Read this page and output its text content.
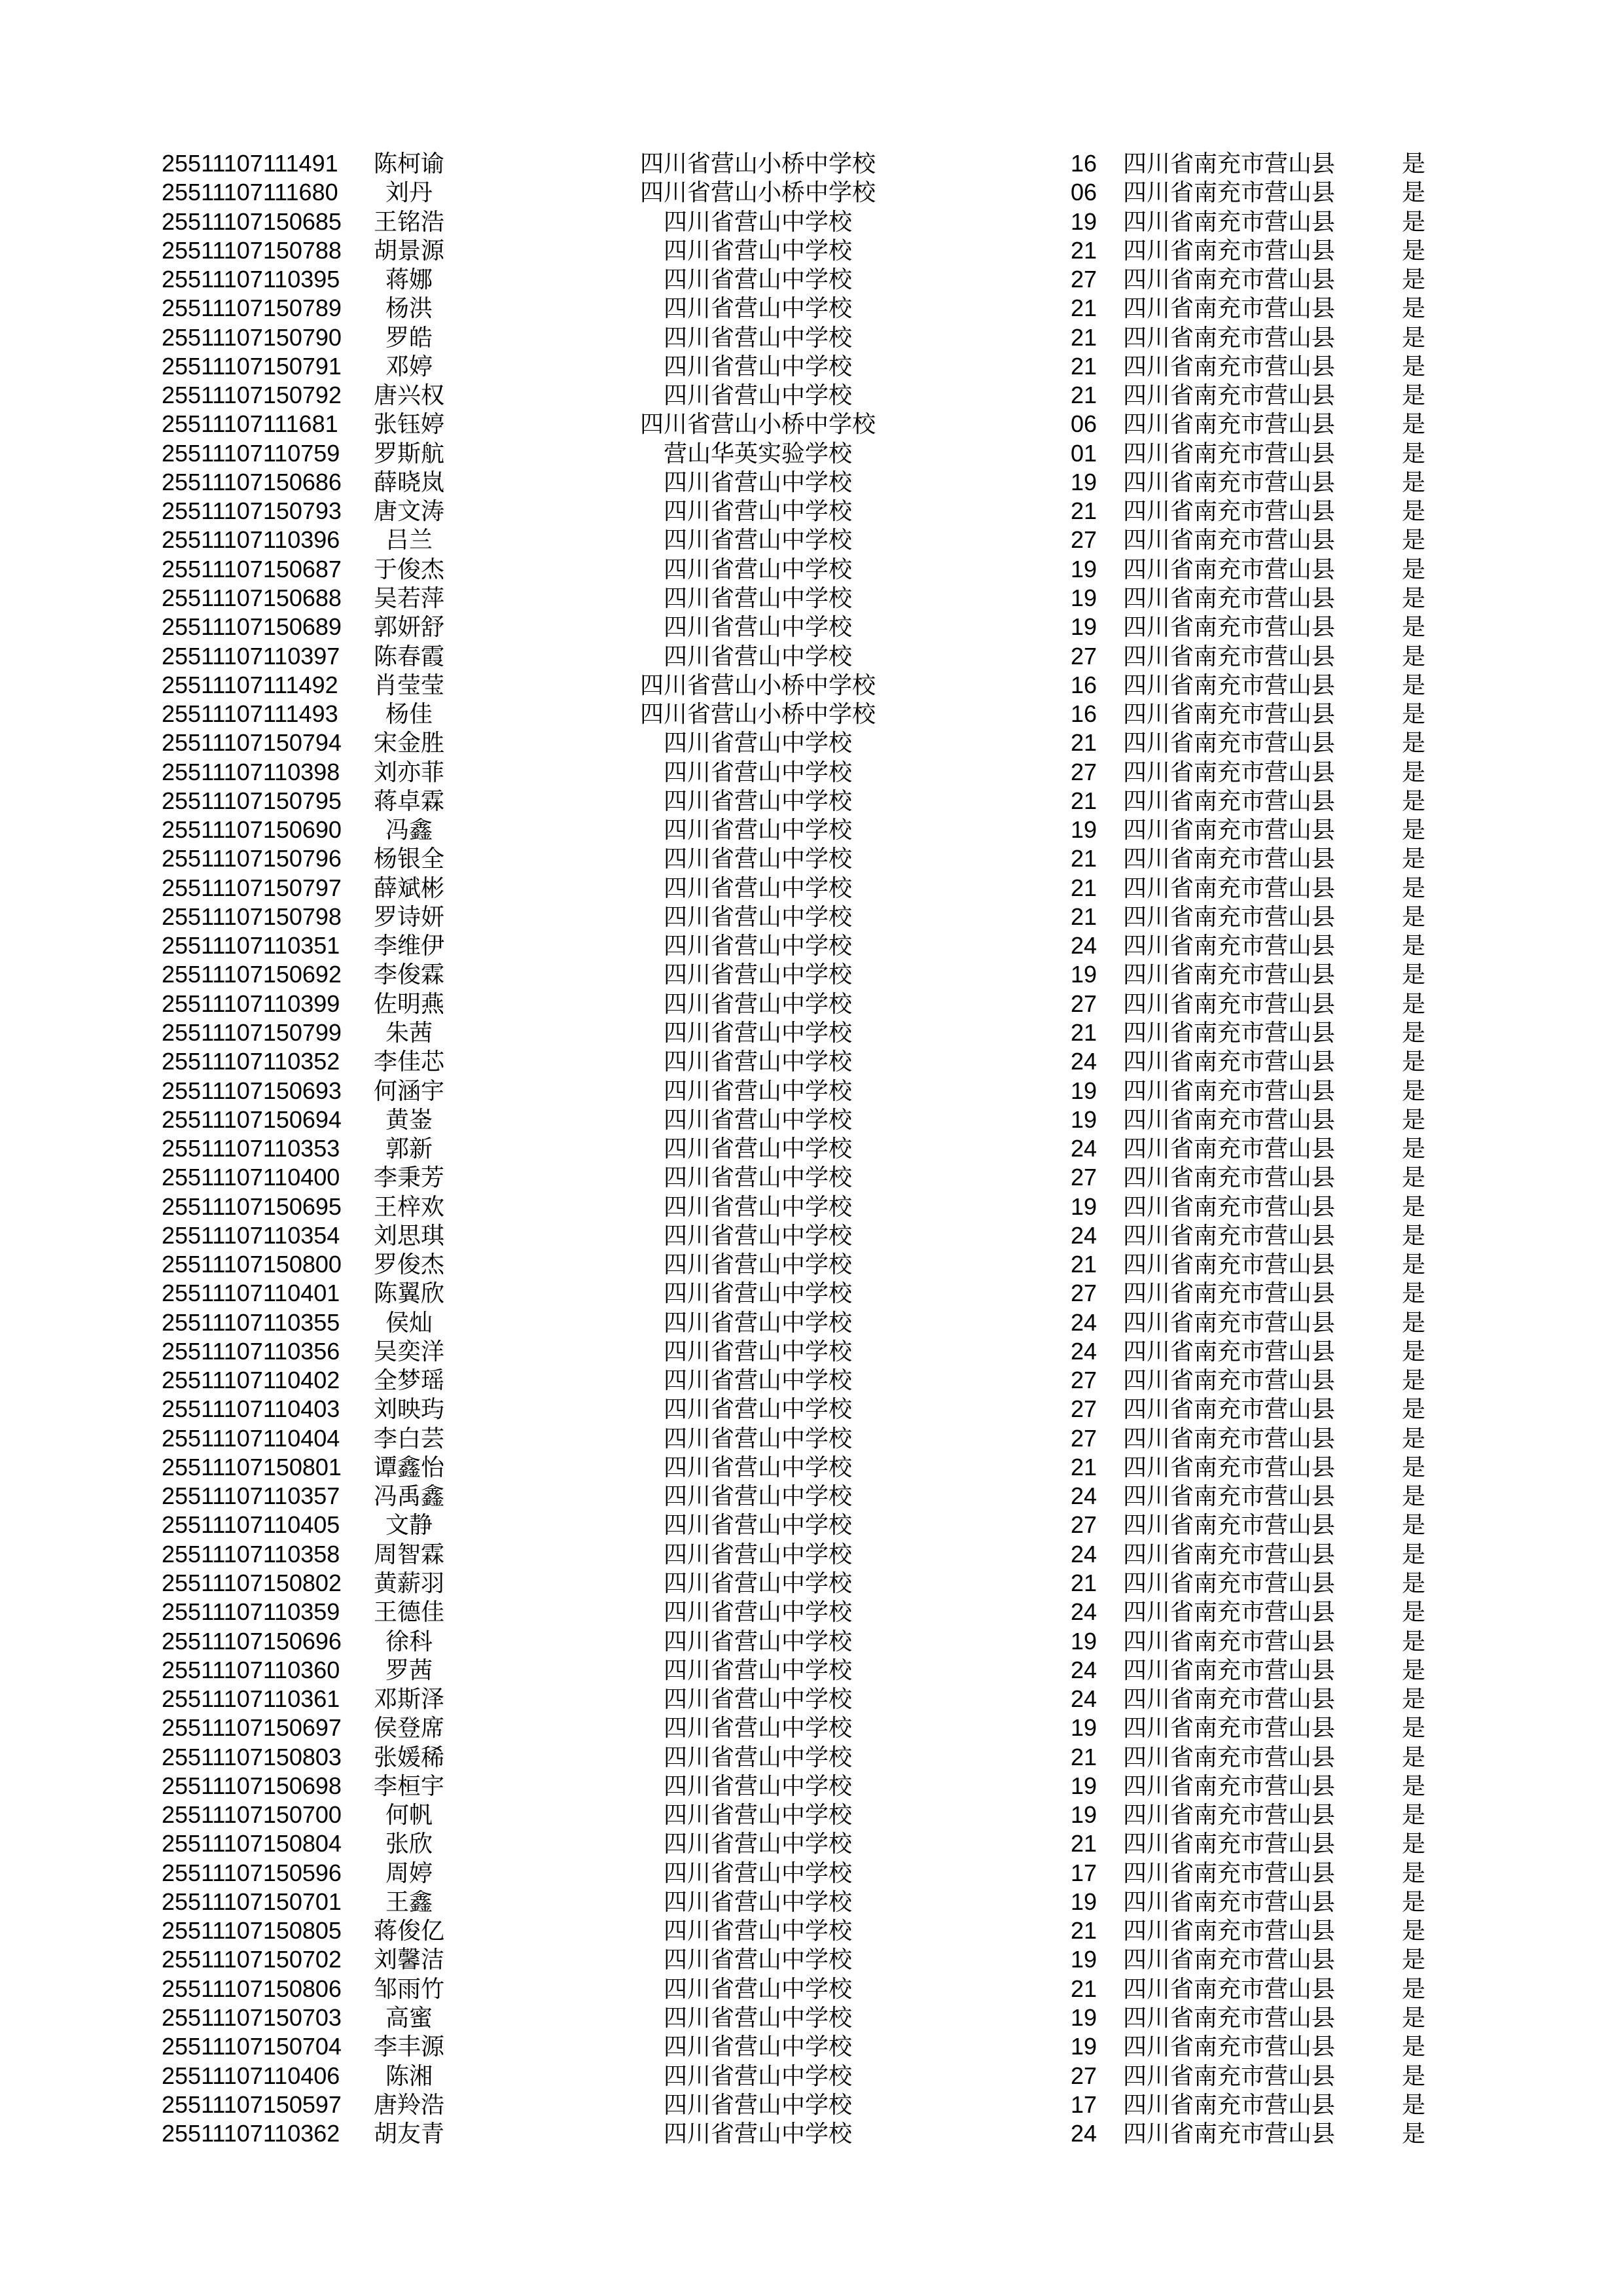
25511107111491	陈柯谕	四川省营山小桥中学校	16	四川省南充市营山县	是
25511107111680	刘丹	四川省营山小桥中学校	06	四川省南充市营山县	是
25511107150685	王铭浩	四川省营山中学校	19	四川省南充市营山县	是
25511107150788	胡景源	四川省营山中学校	21	四川省南充市营山县	是
25511107110395	蒋娜	四川省营山中学校	27	四川省南充市营山县	是
25511107150789	杨洪	四川省营山中学校	21	四川省南充市营山县	是
25511107150790	罗皓	四川省营山中学校	21	四川省南充市营山县	是
25511107150791	邓婷	四川省营山中学校	21	四川省南充市营山县	是
25511107150792	唐兴权	四川省营山中学校	21	四川省南充市营山县	是
25511107111681	张钰婷	四川省营山小桥中学校	06	四川省南充市营山县	是
25511107110759	罗斯航	营山华英实验学校	01	四川省南充市营山县	是
25511107150686	薛晓岚	四川省营山中学校	19	四川省南充市营山县	是
25511107150793	唐文涛	四川省营山中学校	21	四川省南充市营山县	是
25511107110396	吕兰	四川省营山中学校	27	四川省南充市营山县	是
25511107150687	于俊杰	四川省营山中学校	19	四川省南充市营山县	是
25511107150688	吴若萍	四川省营山中学校	19	四川省南充市营山县	是
25511107150689	郭妍舒	四川省营山中学校	19	四川省南充市营山县	是
25511107110397	陈春霞	四川省营山中学校	27	四川省南充市营山县	是
25511107111492	肖莹莹	四川省营山小桥中学校	16	四川省南充市营山县	是
25511107111493	杨佳	四川省营山小桥中学校	16	四川省南充市营山县	是
25511107150794	宋金胜	四川省营山中学校	21	四川省南充市营山县	是
25511107110398	刘亦菲	四川省营山中学校	27	四川省南充市营山县	是
25511107150795	蒋卓霖	四川省营山中学校	21	四川省南充市营山县	是
25511107150690	冯鑫	四川省营山中学校	19	四川省南充市营山县	是
25511107150796	杨银全	四川省营山中学校	21	四川省南充市营山县	是
25511107150797	薛斌彬	四川省营山中学校	21	四川省南充市营山县	是
25511107150798	罗诗妍	四川省营山中学校	21	四川省南充市营山县	是
25511107110351	李维伊	四川省营山中学校	24	四川省南充市营山县	是
25511107150692	李俊霖	四川省营山中学校	19	四川省南充市营山县	是
25511107110399	佐明燕	四川省营山中学校	27	四川省南充市营山县	是
25511107150799	朱茜	四川省营山中学校	21	四川省南充市营山县	是
25511107110352	李佳芯	四川省营山中学校	24	四川省南充市营山县	是
25511107150693	何涵宇	四川省营山中学校	19	四川省南充市营山县	是
25511107150694	黄崟	四川省营山中学校	19	四川省南充市营山县	是
25511107110353	郭新	四川省营山中学校	24	四川省南充市营山县	是
25511107110400	李秉芳	四川省营山中学校	27	四川省南充市营山县	是
25511107150695	王梓欢	四川省营山中学校	19	四川省南充市营山县	是
25511107110354	刘思琪	四川省营山中学校	24	四川省南充市营山县	是
25511107150800	罗俊杰	四川省营山中学校	21	四川省南充市营山县	是
25511107110401	陈翼欣	四川省营山中学校	27	四川省南充市营山县	是
25511107110355	侯灿	四川省营山中学校	24	四川省南充市营山县	是
25511107110356	吴奕洋	四川省营山中学校	24	四川省南充市营山县	是
25511107110402	全梦瑶	四川省营山中学校	27	四川省南充市营山县	是
25511107110403	刘映玙	四川省营山中学校	27	四川省南充市营山县	是
25511107110404	李白芸	四川省营山中学校	27	四川省南充市营山县	是
25511107150801	谭鑫怡	四川省营山中学校	21	四川省南充市营山县	是
25511107110357	冯禹鑫	四川省营山中学校	24	四川省南充市营山县	是
25511107110405	文静	四川省营山中学校	27	四川省南充市营山县	是
25511107110358	周智霖	四川省营山中学校	24	四川省南充市营山县	是
25511107150802	黄薪羽	四川省营山中学校	21	四川省南充市营山县	是
25511107110359	王德佳	四川省营山中学校	24	四川省南充市营山县	是
25511107150696	徐科	四川省营山中学校	19	四川省南充市营山县	是
25511107110360	罗茜	四川省营山中学校	24	四川省南充市营山县	是
25511107110361	邓斯泽	四川省营山中学校	24	四川省南充市营山县	是
25511107150697	侯登席	四川省营山中学校	19	四川省南充市营山县	是
25511107150803	张媛稀	四川省营山中学校	21	四川省南充市营山县	是
25511107150698	李桓宇	四川省营山中学校	19	四川省南充市营山县	是
25511107150700	何帆	四川省营山中学校	19	四川省南充市营山县	是
25511107150804	张欣	四川省营山中学校	21	四川省南充市营山县	是
25511107150596	周婷	四川省营山中学校	17	四川省南充市营山县	是
25511107150701	王鑫	四川省营山中学校	19	四川省南充市营山县	是
25511107150805	蒋俊亿	四川省营山中学校	21	四川省南充市营山县	是
25511107150702	刘馨洁	四川省营山中学校	19	四川省南充市营山县	是
25511107150806	邹雨竹	四川省营山中学校	21	四川省南充市营山县	是
25511107150703	高蜜	四川省营山中学校	19	四川省南充市营山县	是
25511107150704	李丰源	四川省营山中学校	19	四川省南充市营山县	是
25511107110406	陈湘	四川省营山中学校	27	四川省南充市营山县	是
25511107150597	唐羚浩	四川省营山中学校	17	四川省南充市营山县	是
25511107110362	胡友青	四川省营山中学校	24	四川省南充市营山县	是
